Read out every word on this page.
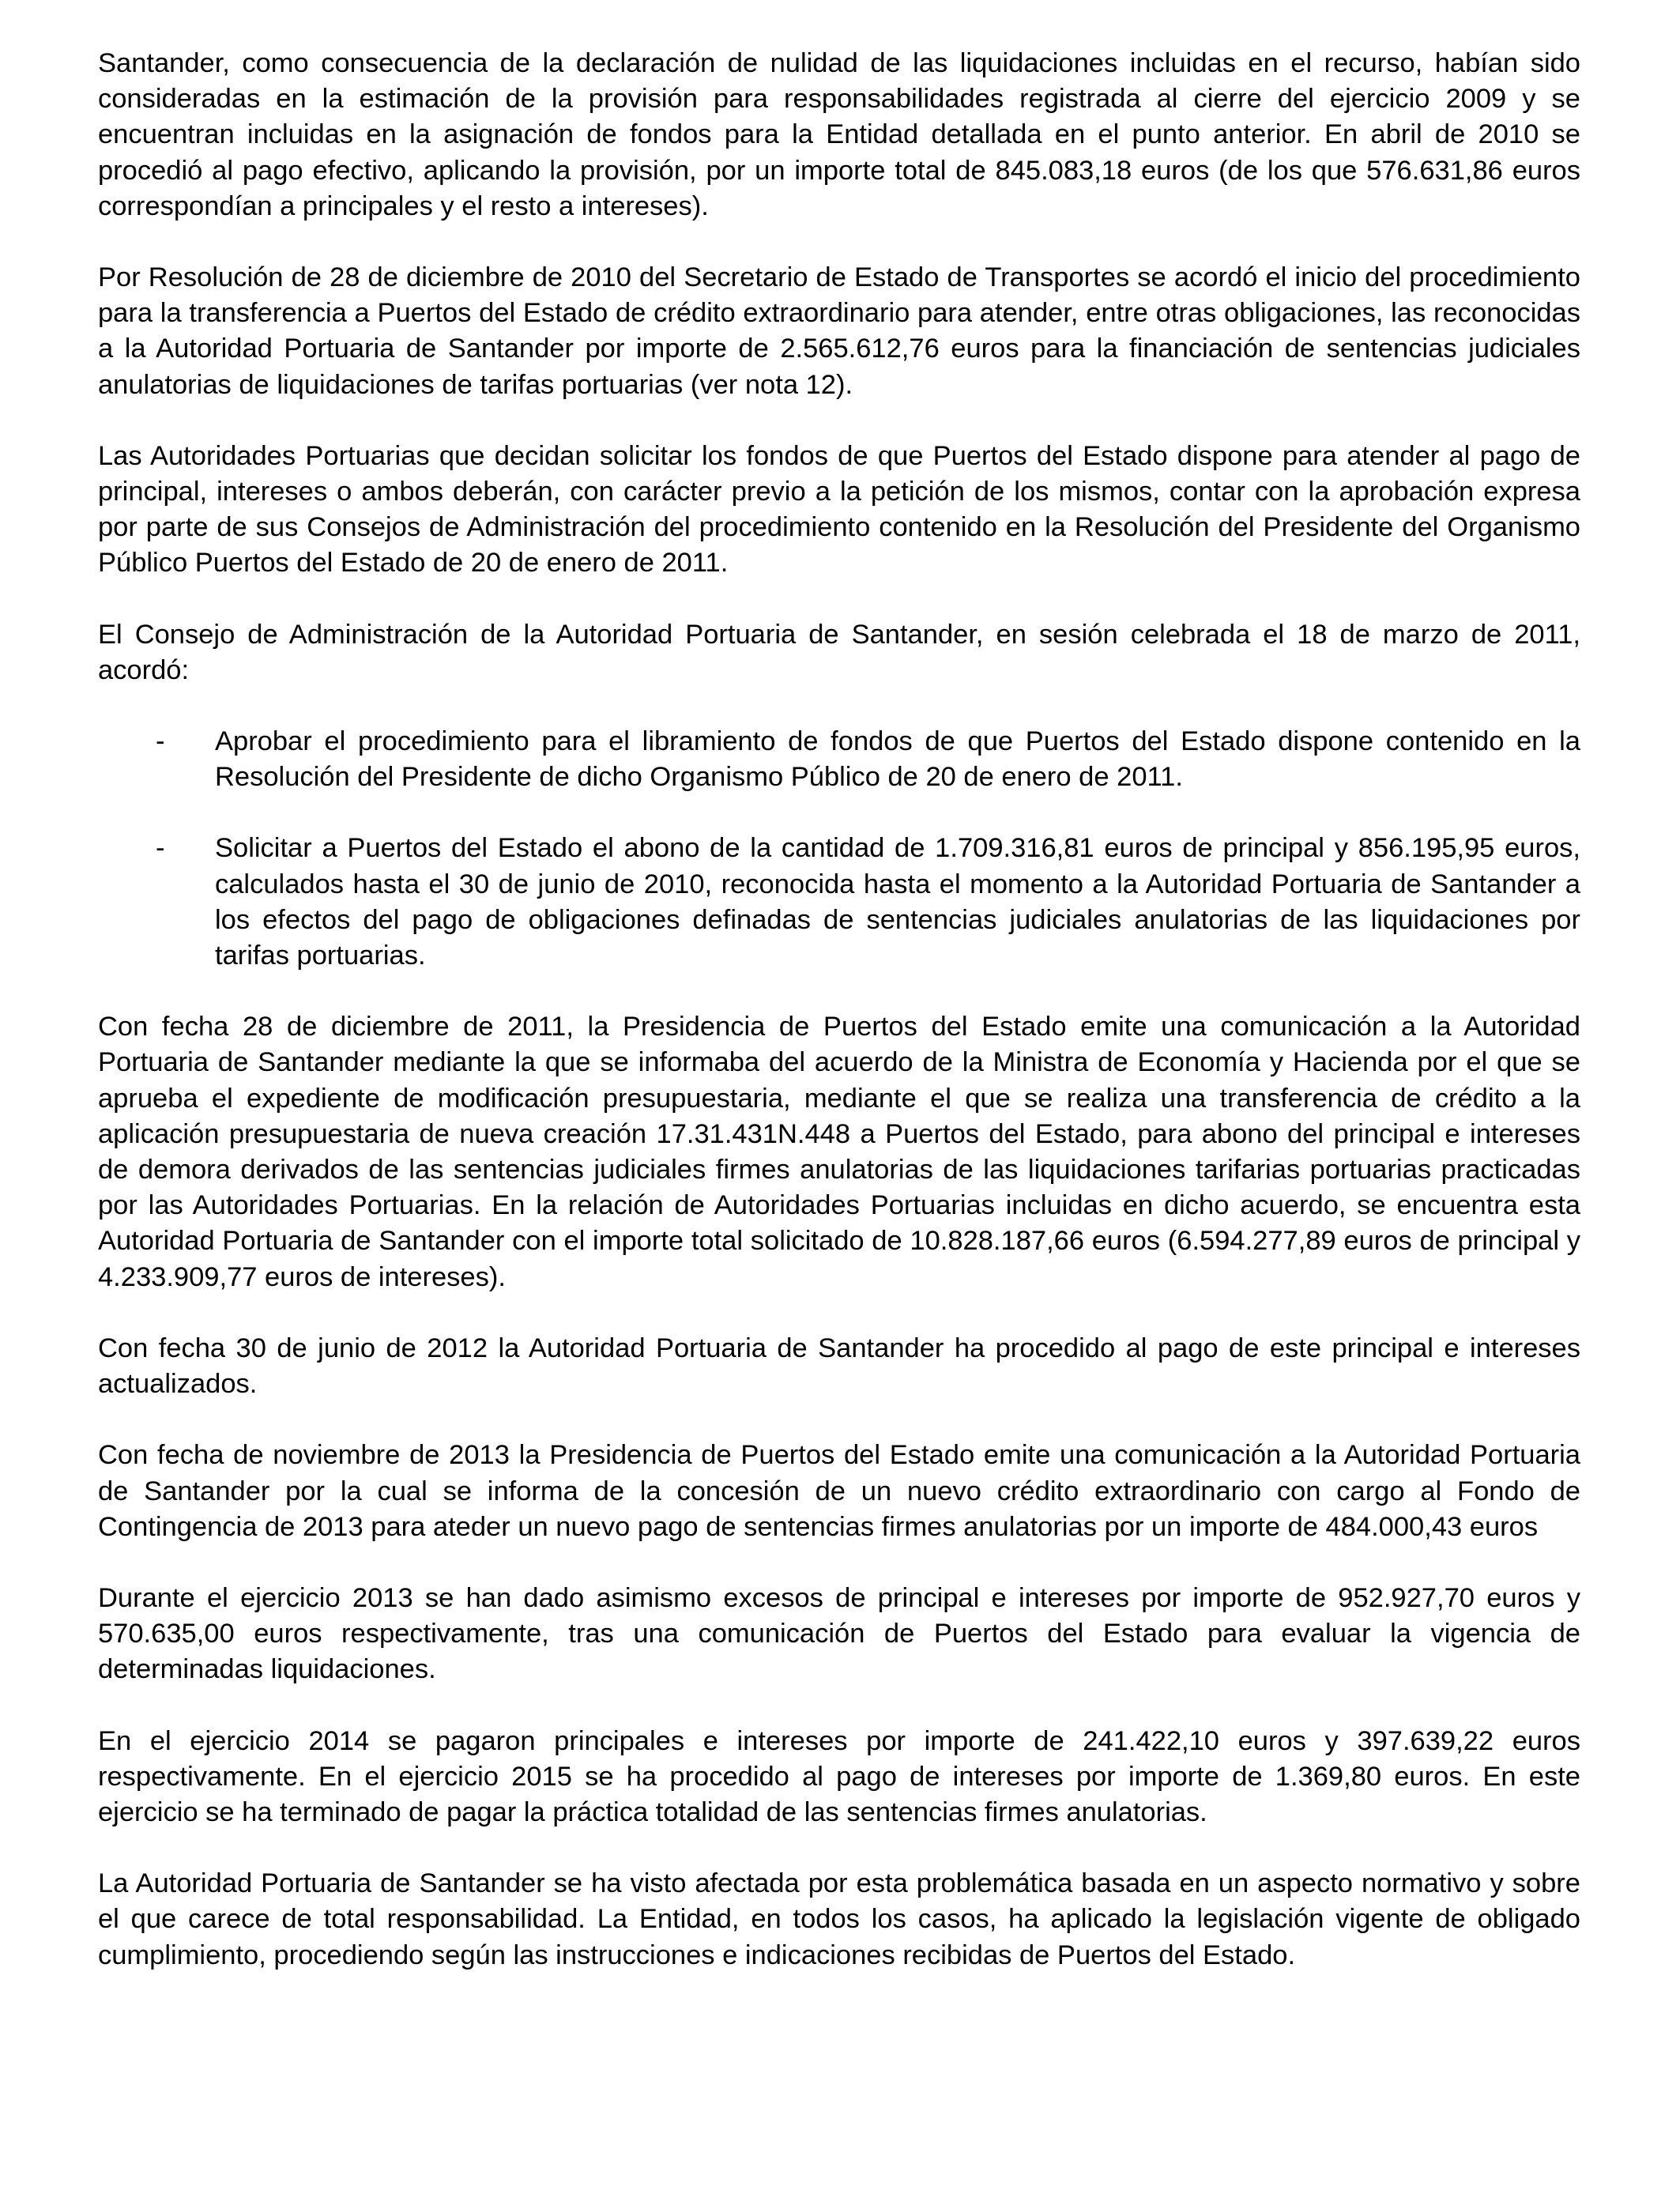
Santander, como consecuencia de la declaración de nulidad de las liquidaciones incluidas en el recurso, habían sido consideradas en la estimación de la provisión para responsabilidades registrada al cierre del ejercicio 2009 y se encuentran incluidas en la asignación de fondos para la Entidad detallada en el punto anterior. En abril de 2010 se procedió al pago efectivo, aplicando la provisión, por un importe total de 845.083,18 euros (de los que 576.631,86 euros correspondían a principales y el resto a intereses).

Por Resolución de 28 de diciembre de 2010 del Secretario de Estado de Transportes se acordó el inicio del procedimiento para la transferencia a Puertos del Estado de crédito extraordinario para atender, entre otras obligaciones, las reconocidas a la Autoridad Portuaria de Santander por importe de 2.565.612,76 euros para la financiación de sentencias judiciales anulatorias de liquidaciones de tarifas portuarias (ver nota 12).

Las Autoridades Portuarias que decidan solicitar los fondos de que Puertos del Estado dispone para atender al pago de principal, intereses o ambos deberán, con carácter previo a la petición de los mismos, contar con la aprobación expresa por parte de sus Consejos de Administración del procedimiento contenido en la Resolución del Presidente del Organismo Público Puertos del Estado de 20 de enero de 2011.

El Consejo de Administración de la Autoridad Portuaria de Santander, en sesión celebrada el 18 de marzo de 2011, acordó:

- Aprobar el procedimiento para el libramiento de fondos de que Puertos del Estado dispone contenido en la Resolución del Presidente de dicho Organismo Público de 20 de enero de 2011.
- Solicitar a Puertos del Estado el abono de la cantidad de 1.709.316,81 euros de principal y 856.195,95 euros, calculados hasta el 30 de junio de 2010, reconocida hasta el momento a la Autoridad Portuaria de Santander a los efectos del pago de obligaciones definadas de sentencias judiciales anulatorias de las liquidaciones por tarifas portuarias.

Con fecha 28 de diciembre de 2011, la Presidencia de Puertos del Estado emite una comunicación a la Autoridad Portuaria de Santander mediante la que se informaba del acuerdo de la Ministra de Economía y Hacienda por el que se aprueba el expediente de modificación presupuestaria, mediante el que se realiza una transferencia de crédito a la aplicación presupuestaria de nueva creación 17.31.431N.448 a Puertos del Estado, para abono del principal e intereses de demora derivados de las sentencias judiciales firmes anulatorias de las liquidaciones tarifarias portuarias practicadas por las Autoridades Portuarias. En la relación de Autoridades Portuarias incluidas en dicho acuerdo, se encuentra esta Autoridad Portuaria de Santander con el importe total solicitado de 10.828.187,66 euros (6.594.277,89 euros de principal y 4.233.909,77 euros de intereses).

Con fecha 30 de junio de 2012 la Autoridad Portuaria de Santander ha procedido al pago de este principal e intereses actualizados.

Con fecha de noviembre de 2013 la Presidencia de Puertos del Estado emite una comunicación a la Autoridad Portuaria de Santander por la cual se informa de la concesión de un nuevo crédito extraordinario con cargo al Fondo de Contingencia de 2013 para ateder un nuevo pago de sentencias firmes anulatorias por un importe de 484.000,43 euros

Durante el ejercicio 2013 se han dado asimismo excesos de principal e intereses por importe de 952.927,70 euros y 570.635,00 euros respectivamente, tras una comunicación de Puertos del Estado para evaluar la vigencia de determinadas liquidaciones.

En el ejercicio 2014 se pagaron principales e intereses por importe de 241.422,10 euros y 397.639,22 euros respectivamente. En el ejercicio 2015 se ha procedido al pago de intereses por importe de 1.369,80 euros. En este ejercicio se ha terminado de pagar la práctica totalidad de las sentencias firmes anulatorias.

La Autoridad Portuaria de Santander se ha visto afectada por esta problemática basada en un aspecto normativo y sobre el que carece de total responsabilidad. La Entidad, en todos los casos, ha aplicado la legislación vigente de obligado cumplimiento, procediendo según las instrucciones e indicaciones recibidas de Puertos del Estado.
